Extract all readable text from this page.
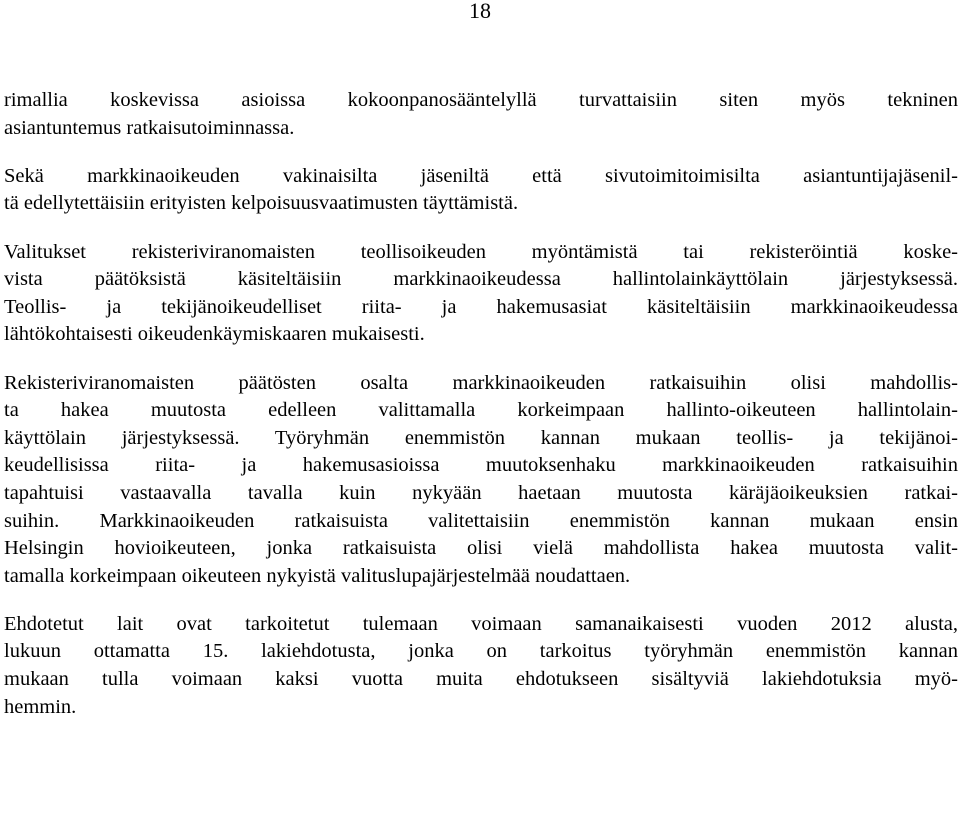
18
rimallia koskevissa asioissa kokoonpanosääntelyllä turvattaisiin siten myös tekninen
asiantuntemus ratkaisutoiminnassa.
Sekä markkinaoikeuden vakinaisilta jäseniltä että sivutoimitoimisilta asiantuntijajäsenil-
tä edellytettäisiin erityisten kelpoisuusvaatimusten täyttämistä.
Valitukset rekisteriviranomaisten teollisoikeuden myöntämistä tai rekisteröintiä koske-
vista päätöksistä käsiteltäisiin markkinaoikeudessa hallintolainkäyttölain järjestyksessä.
Teollis- ja tekijänoikeudelliset riita- ja hakemusasiat käsiteltäisiin markkinaoikeudessa
lähtökohtaisesti oikeudenkäymiskaaren mukaisesti.
Rekisteriviranomaisten päätösten osalta markkinaoikeuden ratkaisuihin olisi mahdollis-
ta hakea muutosta edelleen valittamalla korkeimpaan hallinto-oikeuteen hallintolain-
käyttölain järjestyksessä. Työryhmän enemmistön kannan mukaan teollis- ja tekijänoi-
keudellisissa riita- ja hakemusasioissa muutoksenhaku markkinaoikeuden ratkaisuihin
tapahtuisi vastaavalla tavalla kuin nykyään haetaan muutosta käräjäoikeuksien ratkai-
suihin. Markkinaoikeuden ratkaisuista valitettaisiin enemmistön kannan mukaan ensin
Helsingin hovioikeuteen, jonka ratkaisuista olisi vielä mahdollista hakea muutosta valit-
tamalla korkeimpaan oikeuteen nykyistä valituslupajärjestelmää noudattaen.
Ehdotetut lait ovat tarkoitetut tulemaan voimaan samanaikaisesti vuoden 2012 alusta,
lukuun ottamatta 15. lakiehdotusta, jonka on tarkoitus työryhmän enemmistön kannan
mukaan tulla voimaan kaksi vuotta muita ehdotukseen sisältyviä lakiehdotuksia myö-
hemmin.
